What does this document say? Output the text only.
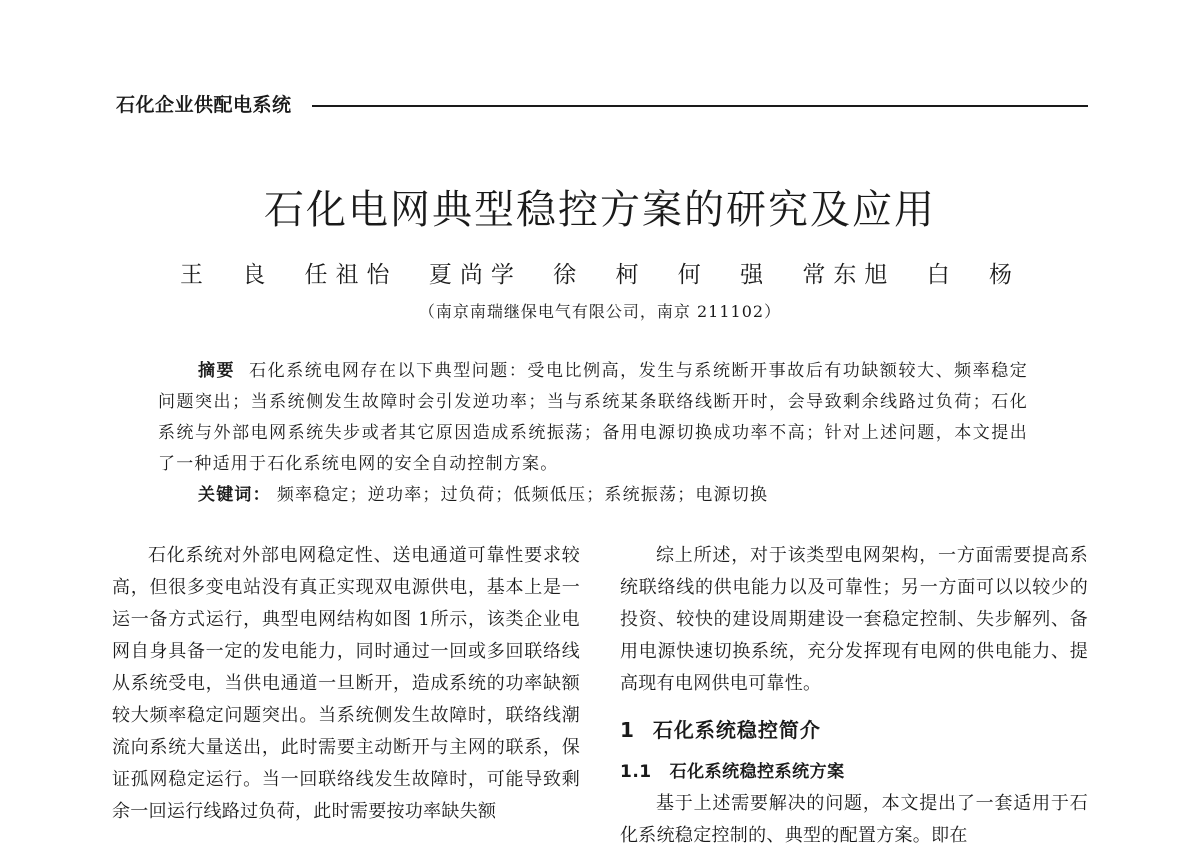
石化企业供配电系统
石化电网典型稳控方案的研究及应用
王 良 任祖怡 夏尚学 徐 柯 何 强 常东旭 白 杨
（南京南瑞继保电气有限公司，南京 211102）

摘要 石化系统电网存在以下典型问题：受电比例高，发生与系统断开事故后有功缺额较大、频率稳定问题突出；当系统侧发生故障时会引发逆功率；当与系统某条联络线断开时，会导致剩余线路过负荷；石化系统与外部电网系统失步或者其它原因造成系统振荡；备用电源切换成功率不高；针对上述问题，本文提出了一种适用于石化系统电网的安全自动控制方案。

关键词： 频率稳定；逆功率；过负荷；低频低压；系统振荡；电源切换

石化系统对外部电网稳定性、送电通道可靠性要求较高，但很多变电站没有真正实现双电源供电，基本上是一运一备方式运行，典型电网结构如图 1所示，该类企业电网自身具备一定的发电能力，同时通过一回或多回联络线从系统受电，当供电通道一旦断开，造成系统的功率缺额较大频率稳定问题突出。当系统侧发生故障时，联络线潮流向系统大量送出，此时需要主动断开与主网的联系，保证孤网稳定运行。当一回联络线发生故障时，可能导致剩余一回运行线路过负荷，此时需要按功率缺失额

综上所述，对于该类型电网架构，一方面需要提高系统联络线的供电能力以及可靠性；另一方面可以以较少的投资、较快的建设周期建设一套稳定控制、失步解列、备用电源快速切换系统，充分发挥现有电网的供电能力、提高现有电网供电可靠性。

1 石化系统稳控简介
1.1 石化系统稳控系统方案

基于上述需要解决的问题，本文提出了一套适用于石化系统稳定控制的、典型的配置方案。即在
